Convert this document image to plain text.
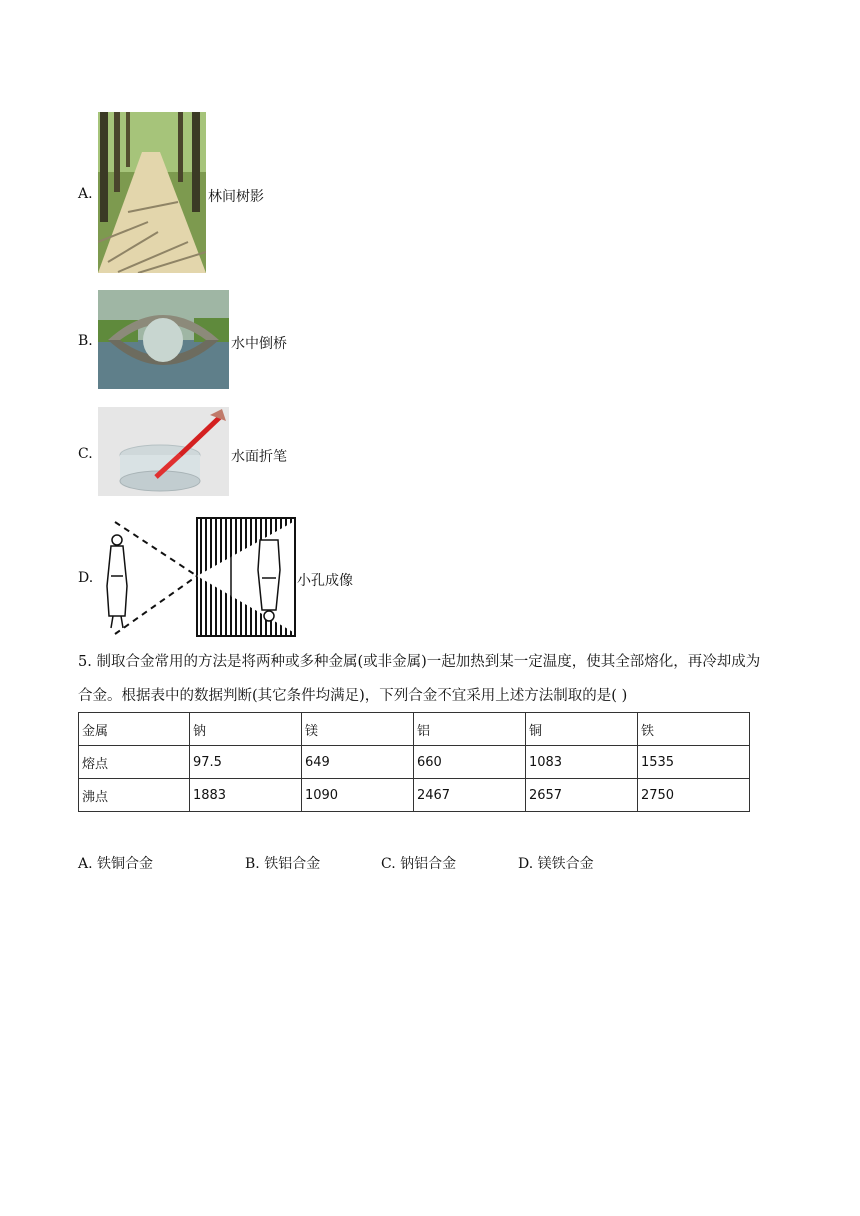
A.	林间树影
B.	水中倒桥
C.	水面折笔
D.	小孔成像
5. 制取合金常用的方法是将两种或多种金属(或非金属)一起加热到某一定温度，使其全部熔化，再冷却成为
合金。根据表中的数据判断(其它条件均满足)，下列合金不宜采用上述方法制取的是( )
金属	钠	镁	铝	铜	铁
熔点	97.5	649	660	1083	1535
沸点	1883	1090	2467	2657	2750
A. 铁铜合金	B. 铁铝合金	C. 钠铝合金	D. 镁铁合金
